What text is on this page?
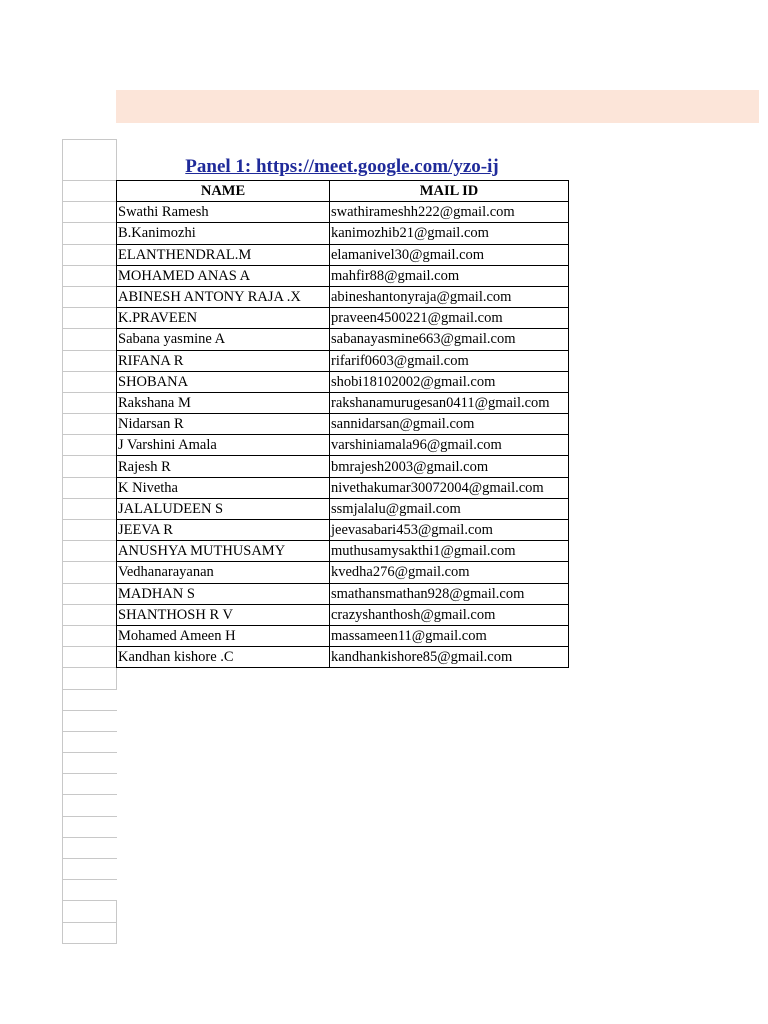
Panel 1: https://meet.google.com/yzo-ij
NAME	MAIL ID
Swathi Ramesh	swathirameshh222@gmail.com
B.Kanimozhi	kanimozhib21@gmail.com
ELANTHENDRAL.M	elamanivel30@gmail.com
MOHAMED ANAS A	mahfir88@gmail.com
ABINESH ANTONY RAJA .X	abineshantonyraja@gmail.com
K.PRAVEEN	praveen4500221@gmail.com
Sabana yasmine A	sabanayasmine663@gmail.com
RIFANA R	rifarif0603@gmail.com
SHOBANA	shobi18102002@gmail.com
Rakshana M	rakshanamurugesan0411@gmail.com
Nidarsan R	sannidarsan@gmail.com
J Varshini Amala	varshiniamala96@gmail.com
Rajesh R	bmrajesh2003@gmail.com
K Nivetha	nivethakumar30072004@gmail.com
JALALUDEEN S	ssmjalalu@gmail.com
JEEVA R	jeevasabari453@gmail.com
ANUSHYA MUTHUSAMY	muthusamysakthi1@gmail.com
Vedhanarayanan	kvedha276@gmail.com
MADHAN S	smathansmathan928@gmail.com
SHANTHOSH R V	crazyshanthosh@gmail.com
Mohamed Ameen H	massameen11@gmail.com
Kandhan kishore .C	kandhankishore85@gmail.com
